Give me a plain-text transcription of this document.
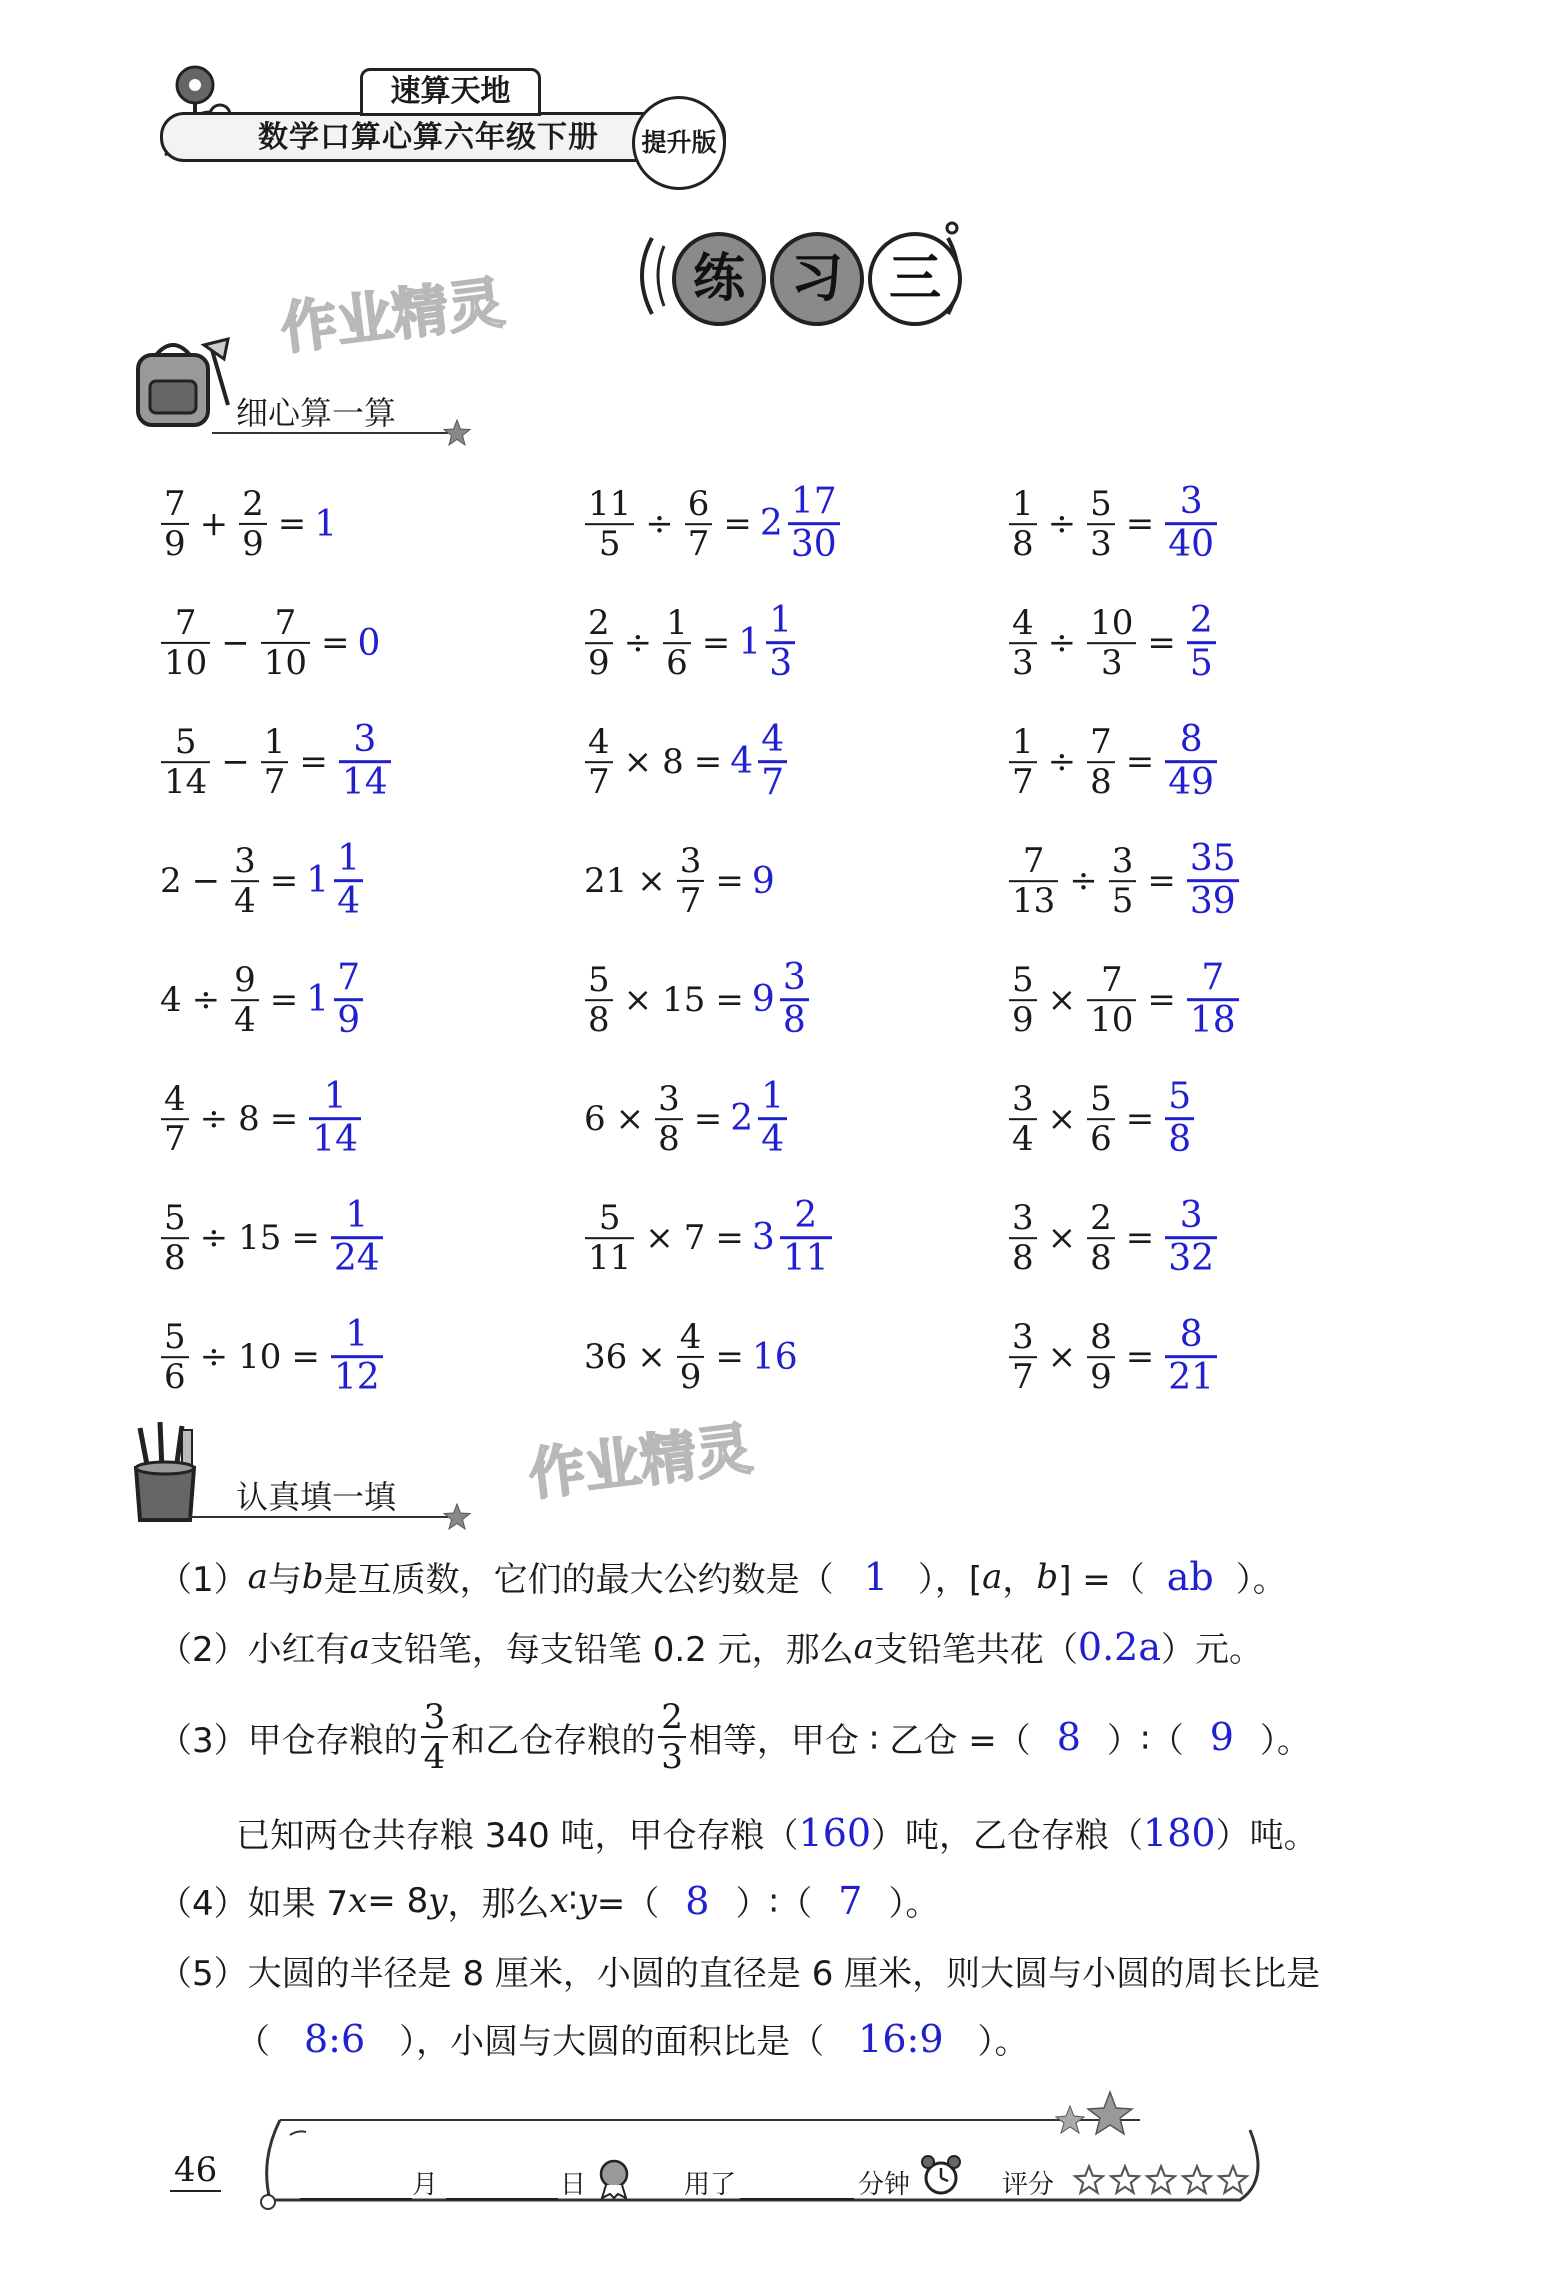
速算天地
数学口算心算六年级下册	提升版
练 习 三
作业精灵
作业精灵
细心算一算
$\frac{7}{9} + \frac{2}{9} = 1$
$\frac{7}{10} - \frac{7}{10} = 0$
$\frac{5}{14} - \frac{1}{7} = \frac{3}{14}$
$2 - \frac{3}{4} = 1 \frac{1}{4}$
$4 \div \frac{9}{4} = 1 \frac{7}{9}$
$\frac{4}{7} \div 8 = \frac{1}{14}$
$\frac{5}{8} \div 15 = \frac{1}{24}$
$\frac{5}{6} \div 10 = \frac{1}{12}$
$\frac{11}{5} \div \frac{6}{7} = 2 \frac{17}{30}$
$\frac{2}{9} \div \frac{1}{6} = 1 \frac{1}{3}$
$\frac{4}{7} \times 8 = 4 \frac{4}{7}$
$21 \times \frac{3}{7} = 9$
$\frac{5}{8} \times 15 = 9 \frac{3}{8}$
$6 \times \frac{3}{8} = 2 \frac{1}{4}$
$\frac{5}{11} \times 7 = 3 \frac{2}{11}$
$36 \times \frac{4}{9} = 16$
$\frac{1}{8} \div \frac{5}{3} = \frac{3}{40}$
$\frac{4}{3} \div \frac{10}{3} = \frac{2}{5}$
$\frac{1}{7} \div \frac{7}{8} = \frac{8}{49}$
$\frac{7}{13} \div \frac{3}{5} = \frac{35}{39}$
$\frac{5}{9} \times \frac{7}{10} = \frac{7}{18}$
$\frac{3}{4} \times \frac{5}{6} = \frac{5}{8}$
$\frac{3}{8} \times \frac{2}{8} = \frac{3}{32}$
$\frac{3}{7} \times \frac{8}{9} = \frac{8}{21}$
认真填一填
（1） a 与 b 是互质数，它们的最大公约数是（ 1 ），[ a ， b ] =（ ab ）。
（2） 小红有 a 支铅笔，每支铅笔 0.2 元，那么 a 支铅笔共花（ 0.2a ）元。
（3） 甲仓存粮的 $\frac{3}{4}$ 和乙仓存粮的 $\frac{2}{3}$ 相等，甲仓 ∶ 乙仓 =（ 8 ）∶（ 9 ）。
已知两仓共存粮 340 吨，甲仓存粮（ 160 ）吨，乙仓存粮（ 180 ）吨。
（4） 如果 7 x = 8 y ，那么 x ∶ y =（ 8 ）∶（ 7 ）。
（5） 大圆的半径是 8 厘米，小圆的直径是 6 厘米，则大圆与小圆的周长比是
（ 8:6 ），小圆与大圆的面积比是（ 16:9 ）。
46	月	日	用了	分钟	评分
